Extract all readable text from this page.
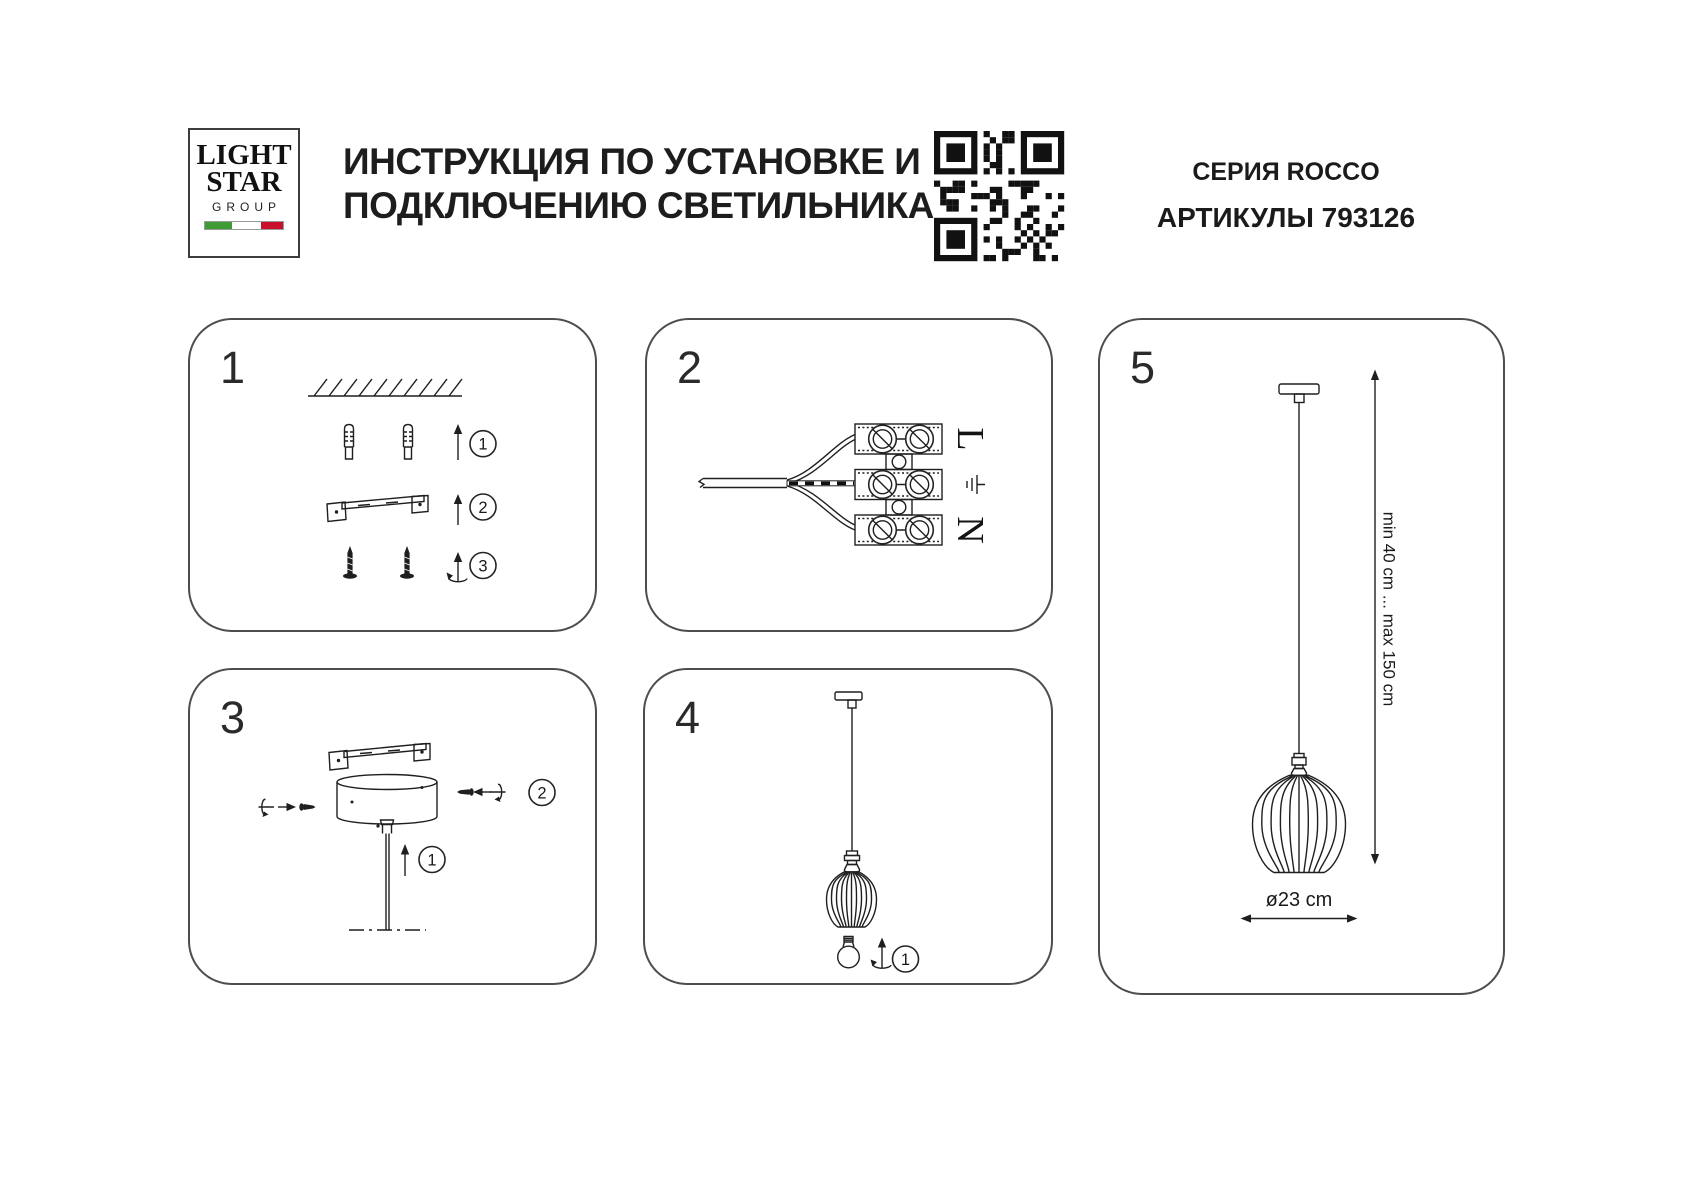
LIGHT
STAR
GROUP
ИНСТРУКЦИЯ ПО УСТАНОВКЕ И
ПОДКЛЮЧЕНИЮ СВЕТИЛЬНИКА
СЕРИЯ ROCCO
АРТИКУЛЫ 793126
1
1
2
3
2
L
N
3
2
1
4
1
5
min 40 cm ... max 150 cm
ø23 cm
